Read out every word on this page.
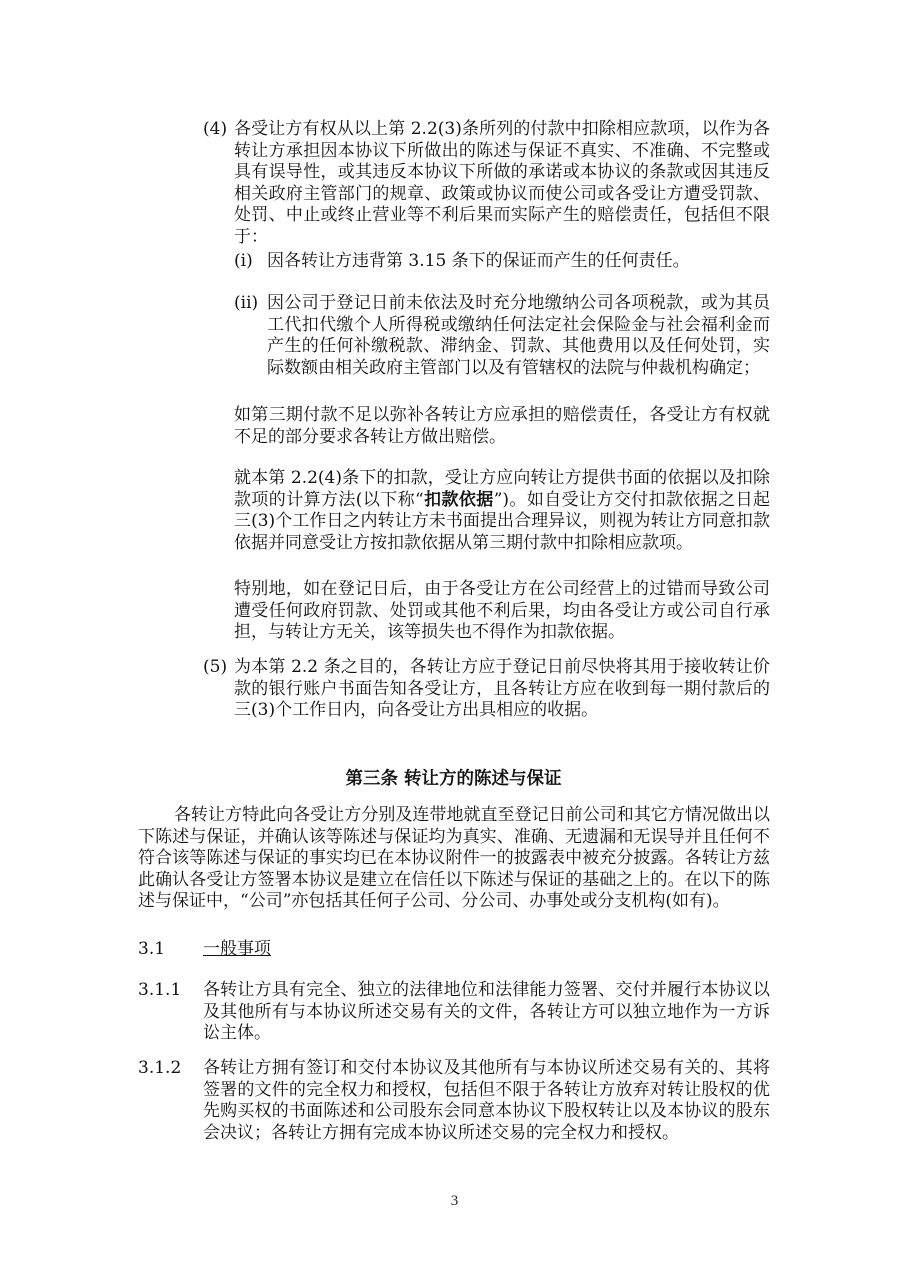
(4) 各受让方有权从以上第 2.2(3)条所列的付款中扣除相应款项，以作为各转让方承担因本协议下所做出的陈述与保证不真实、不准确、不完整或具有误导性，或其违反本协议下所做的承诺或本协议的条款或因其违反相关政府主管部门的规章、政策或协议而使公司或各受让方遭受罚款、处罚、中止或终止营业等不利后果而实际产生的赔偿责任，包括但不限于：

(i) 因各转让方违背第 3.15 条下的保证而产生的任何责任。

(ii) 因公司于登记日前未依法及时充分地缴纳公司各项税款，或为其员工代扣代缴个人所得税或缴纳任何法定社会保险金与社会福利金而产生的任何补缴税款、滞纳金、罚款、其他费用以及任何处罚，实际数额由相关政府主管部门以及有管辖权的法院与仲裁机构确定；

如第三期付款不足以弥补各转让方应承担的赔偿责任，各受让方有权就不足的部分要求各转让方做出赔偿。

就本第 2.2(4)条下的扣款，受让方应向转让方提供书面的依据以及扣除款项的计算方法(以下称“扣款依据”)。如自受让方交付扣款依据之日起三(3)个工作日之内转让方未书面提出合理异议，则视为转让方同意扣款依据并同意受让方按扣款依据从第三期付款中扣除相应款项。

特别地，如在登记日后，由于各受让方在公司经营上的过错而导致公司遭受任何政府罚款、处罚或其他不利后果，均由各受让方或公司自行承担，与转让方无关，该等损失也不得作为扣款依据。

(5) 为本第 2.2 条之目的，各转让方应于登记日前尽快将其用于接收转让价款的银行账户书面告知各受让方，且各转让方应在收到每一期付款后的三(3)个工作日内，向各受让方出具相应的收据。

第三条 转让方的陈述与保证

各转让方特此向各受让方分别及连带地就直至登记日前公司和其它方情况做出以下陈述与保证，并确认该等陈述与保证均为真实、准确、无遗漏和无误导并且任何不符合该等陈述与保证的事实均已在本协议附件一的披露表中被充分披露。各转让方兹此确认各受让方签署本协议是建立在信任以下陈述与保证的基础之上的。在以下的陈述与保证中，“公司”亦包括其任何子公司、分公司、办事处或分支机构(如有)。

3.1 一般事项
3.1.1 各转让方具有完全、独立的法律地位和法律能力签署、交付并履行本协议以及其他所有与本协议所述交易有关的文件，各转让方可以独立地作为一方诉讼主体。

3.1.2 各转让方拥有签订和交付本协议及其他所有与本协议所述交易有关的、其将签署的文件的完全权力和授权，包括但不限于各转让方放弃对转让股权的优先购买权的书面陈述和公司股东会同意本协议下股权转让以及本协议的股东会决议；各转让方拥有完成本协议所述交易的完全权力和授权。

3
